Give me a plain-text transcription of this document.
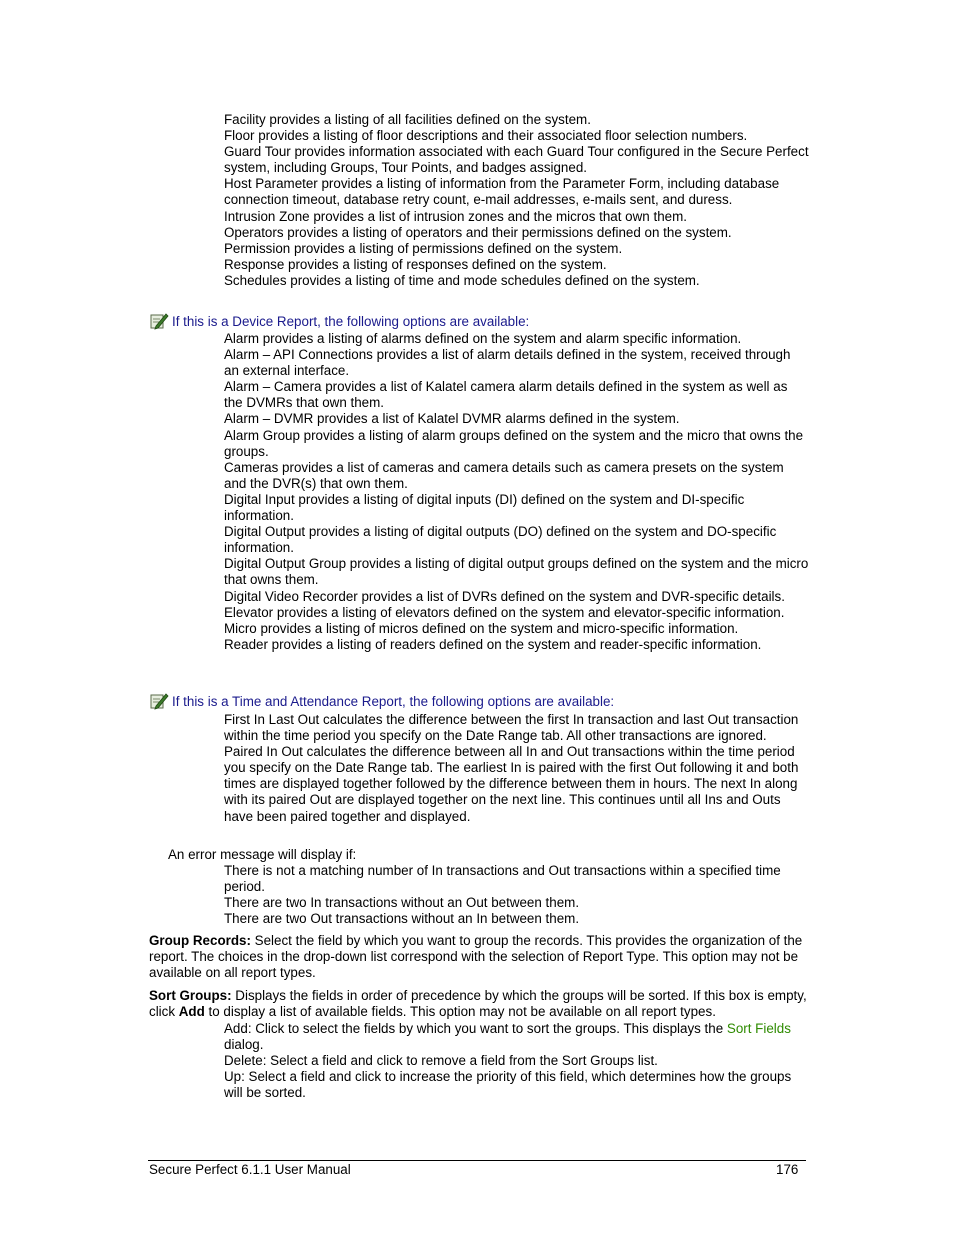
Facility provides a listing of all facilities defined on the system.

Floor provides a listing of floor descriptions and their associated floor selection numbers.

Guard Tour provides information associated with each Guard Tour configured in the Secure Perfect system, including Groups, Tour Points, and badges assigned.

Host Parameter provides a listing of information from the Parameter Form, including database connection timeout, database retry count, e-mail addresses, e-mails sent, and duress.

Intrusion Zone provides a list of intrusion zones and the micros that own them.

Operators provides a listing of operators and their permissions defined on the system.

Permission provides a listing of permissions defined on the system.

Response provides a listing of responses defined on the system.

Schedules provides a listing of time and mode schedules defined on the system.

If this is a Device Report, the following options are available:

Alarm provides a listing of alarms defined on the system and alarm specific information.

Alarm – API Connections provides a list of alarm details defined in the system, received through an external interface.

Alarm – Camera provides a list of Kalatel camera alarm details defined in the system as well as the DVMRs that own them.

Alarm – DVMR provides a list of Kalatel DVMR alarms defined in the system.

Alarm Group provides a listing of alarm groups defined on the system and the micro that owns the groups.

Cameras provides a list of cameras and camera details such as camera presets on the system and the DVR(s) that own them.

Digital Input provides a listing of digital inputs (DI) defined on the system and DI-specific information.

Digital Output provides a listing of digital outputs (DO) defined on the system and DO-specific information.

Digital Output Group provides a listing of digital output groups defined on the system and the micro that owns them.

Digital Video Recorder provides a list of DVRs defined on the system and DVR-specific details.

Elevator provides a listing of elevators defined on the system and elevator-specific information.

Micro provides a listing of micros defined on the system and micro-specific information.

Reader provides a listing of readers defined on the system and reader-specific information.

If this is a Time and Attendance Report, the following options are available:

First In Last Out calculates the difference between the first In transaction and last Out transaction within the time period you specify on the Date Range tab. All other transactions are ignored.

Paired In Out calculates the difference between all In and Out transactions within the time period you specify on the Date Range tab. The earliest In is paired with the first Out following it and both times are displayed together followed by the difference between them in hours. The next In along with its paired Out are displayed together on the next line. This continues until all Ins and Outs have been paired together and displayed.

An error message will display if:

There is not a matching number of In transactions and Out transactions within a specified time period.

There are two In transactions without an Out between them.

There are two Out transactions without an In between them.

Group Records: Select the field by which you want to group the records. This provides the organization of the report. The choices in the drop-down list correspond with the selection of Report Type. This option may not be available on all report types.

Sort Groups: Displays the fields in order of precedence by which the groups will be sorted. If this box is empty, click Add to display a list of available fields. This option may not be available on all report types.

Add: Click to select the fields by which you want to sort the groups. This displays the Sort Fields dialog.

Delete: Select a field and click to remove a field from the Sort Groups list.

Up: Select a field and click to increase the priority of this field, which determines how the groups will be sorted.

Secure Perfect 6.1.1 User Manual	176
